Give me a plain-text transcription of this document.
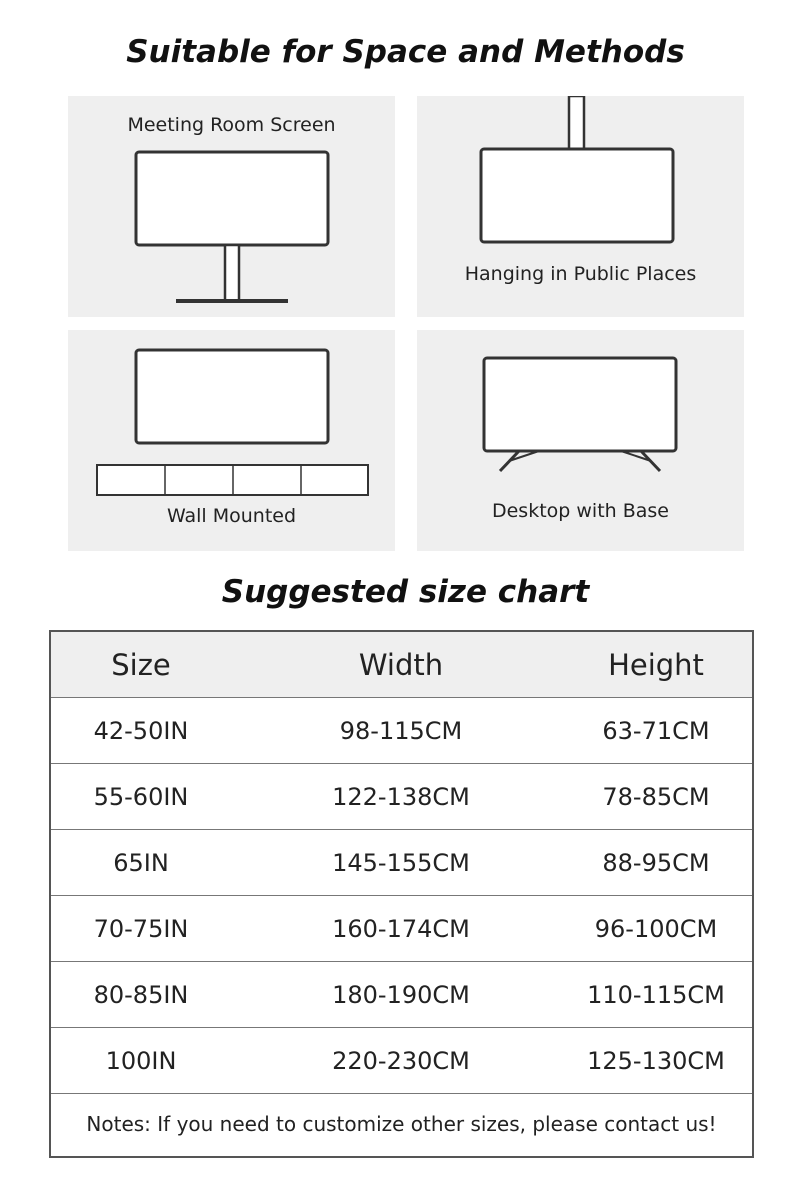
Suitable for Space and Methods
Meeting Room Screen
Hanging in Public Places
Wall Mounted	Desktop with Base
Suggested size chart
Size	Width	Height
42-50IN	98-115CM	63-71CM
55-60IN	122-138CM	78-85CM
65IN	145-155CM	88-95CM
70-75IN	160-174CM	96-100CM
80-85IN	180-190CM	110-115CM
100IN	220-230CM	125-130CM
Notes: If you need to customize other sizes, please contact us!
